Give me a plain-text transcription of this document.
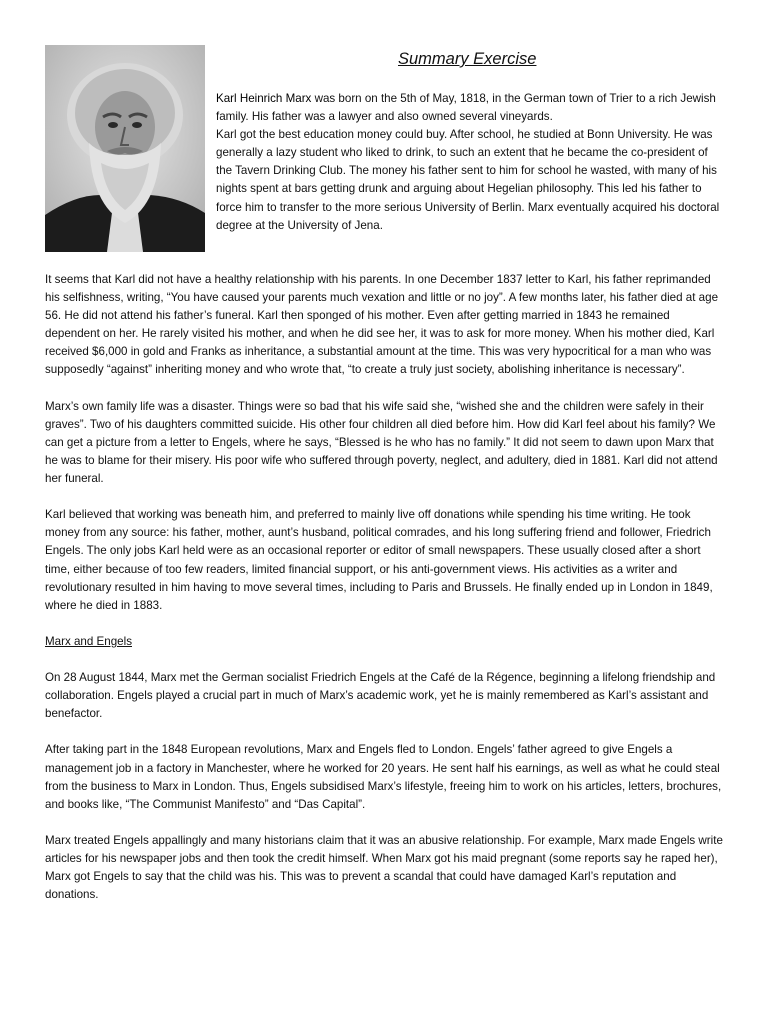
Summary Exercise

Karl Heinrich Marx was born on the 5th of May, 1818, in the German town of Trier to a rich Jewish family. His father was a lawyer and also owned several vineyards.

Karl got the best education money could buy. After school, he studied at Bonn University. He was generally a lazy student who liked to drink, to such an extent that he became the co-president of the Tavern Drinking Club. The money his father sent to him for school he wasted, with many of his nights spent at bars getting drunk and arguing about Hegelian philosophy. This led his father to force him to transfer to the more serious University of Berlin. Marx eventually acquired his doctoral degree at the University of Jena.

It seems that Karl did not have a healthy relationship with his parents. In one December 1837 letter to Karl, his father reprimanded his selfishness, writing, “You have caused your parents much vexation and little or no joy”. A few months later, his father died at age 56. He did not attend his father’s funeral. Karl then sponged of his mother. Even after getting married in 1843 he remained dependent on her. He rarely visited his mother, and when he did see her, it was to ask for more money. When his mother died, Karl received $6,000 in gold and Franks as inheritance, a substantial amount at the time. This was very hypocritical for a man who was supposedly “against” inheriting money and who wrote that, “to create a truly just society, abolishing inheritance is necessary”.

Marx’s own family life was a disaster. Things were so bad that his wife said she, “wished she and the children were safely in their graves”. Two of his daughters committed suicide. His other four children all died before him. How did Karl feel about his family? We can get a picture from a letter to Engels, where he says, “Blessed is he who has no family.” It did not seem to dawn upon Marx that he was to blame for their misery. His poor wife who suffered through poverty, neglect, and adultery, died in 1881. Karl did not attend her funeral.

Karl believed that working was beneath him, and preferred to mainly live off donations while spending his time writing. He took money from any source: his father, mother, aunt’s husband, political comrades, and his long suffering friend and follower, Friedrich Engels. The only jobs Karl held were as an occasional reporter or editor of small newspapers. These usually closed after a short time, either because of too few readers, limited financial support, or his anti-government views. His activities as a writer and revolutionary resulted in him having to move several times, including to Paris and Brussels. He finally ended up in London in 1849, where he died in 1883.

Marx and Engels

On 28 August 1844, Marx met the German socialist Friedrich Engels at the Café de la Régence, beginning a lifelong friendship and collaboration. Engels played a crucial part in much of Marx’s academic work, yet he is mainly remembered as Karl’s assistant and benefactor.

After taking part in the 1848 European revolutions, Marx and Engels fled to London. Engels’ father agreed to give Engels a management job in a factory in Manchester, where he worked for 20 years. He sent half his earnings, as well as what he could steal from the business to Marx in London. Thus, Engels subsidised Marx’s lifestyle, freeing him to work on his articles, letters, brochures, and books like, “The Communist Manifesto” and “Das Capital”.

Marx treated Engels appallingly and many historians claim that it was an abusive relationship. For example, Marx made Engels write articles for his newspaper jobs and then took the credit himself. When Marx got his maid pregnant (some reports say he raped her), Marx got Engels to say that the child was his. This was to prevent a scandal that could have damaged Karl’s reputation and donations.
